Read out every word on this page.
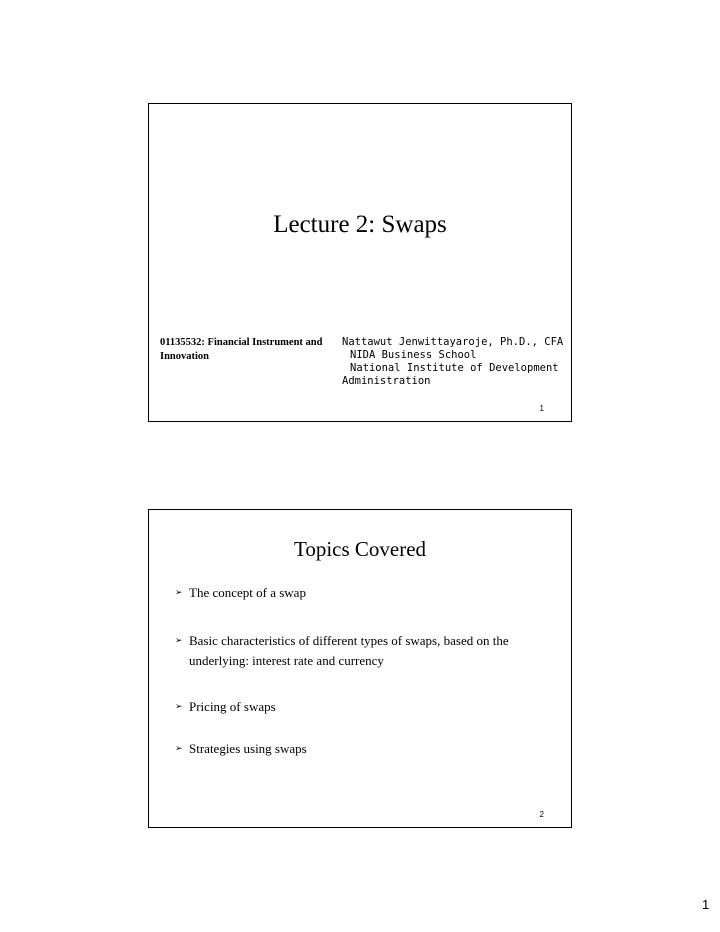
Lecture 2: Swaps
01135532: Financial Instrument and Innovation
Nattawut Jenwittayaroje, Ph.D., CFA
NIDA Business School
National Institute of Development
Administration
1
Topics Covered
➢ The concept of a swap
➢ Basic characteristics of different types of swaps, based on the underlying: interest rate and currency
➢ Pricing of swaps
➢ Strategies using swaps
2
1
